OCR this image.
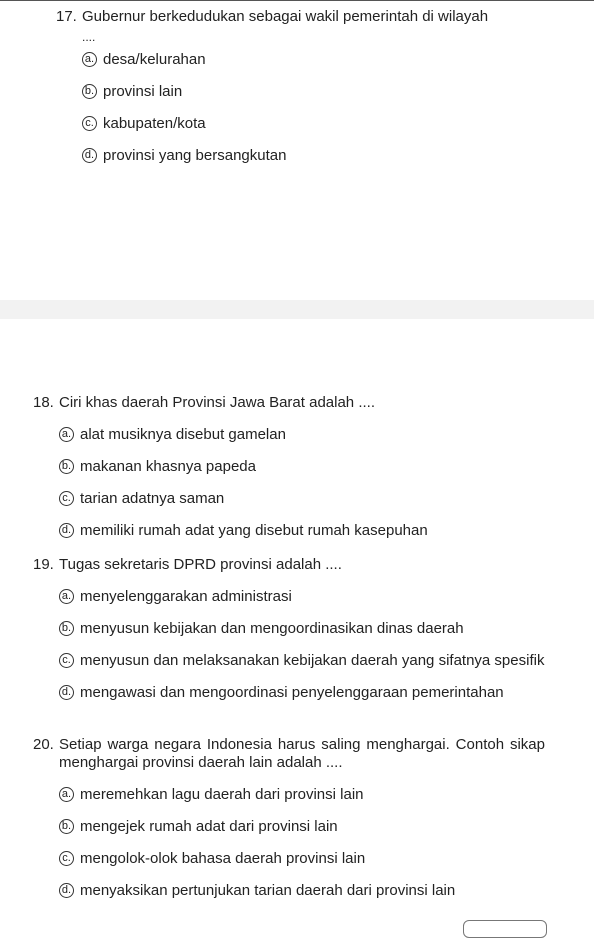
17. Gubernur berkedudukan sebagai wakil pemerintah di wilayah
....
a. desa/kelurahan
b. provinsi lain
c. kabupaten/kota
d. provinsi yang bersangkutan
18. Ciri khas daerah Provinsi Jawa Barat adalah ....
a. alat musiknya disebut gamelan
b. makanan khasnya papeda
c. tarian adatnya saman
d. memiliki rumah adat yang disebut rumah kasepuhan
19. Tugas sekretaris DPRD provinsi adalah ....
a. menyelenggarakan administrasi
b. menyusun kebijakan dan mengoordinasikan dinas daerah
c. menyusun dan melaksanakan kebijakan daerah yang sifatnya spesifik
d. mengawasi dan mengoordinasi penyelenggaraan pemerintahan
20. Setiap warga negara Indonesia harus saling menghargai. Contoh sikap menghargai provinsi daerah lain adalah ....
a. meremehkan lagu daerah dari provinsi lain
b. mengejek rumah adat dari provinsi lain
c. mengolok-olok bahasa daerah provinsi lain
d. menyaksikan pertunjukan tarian daerah dari provinsi lain
